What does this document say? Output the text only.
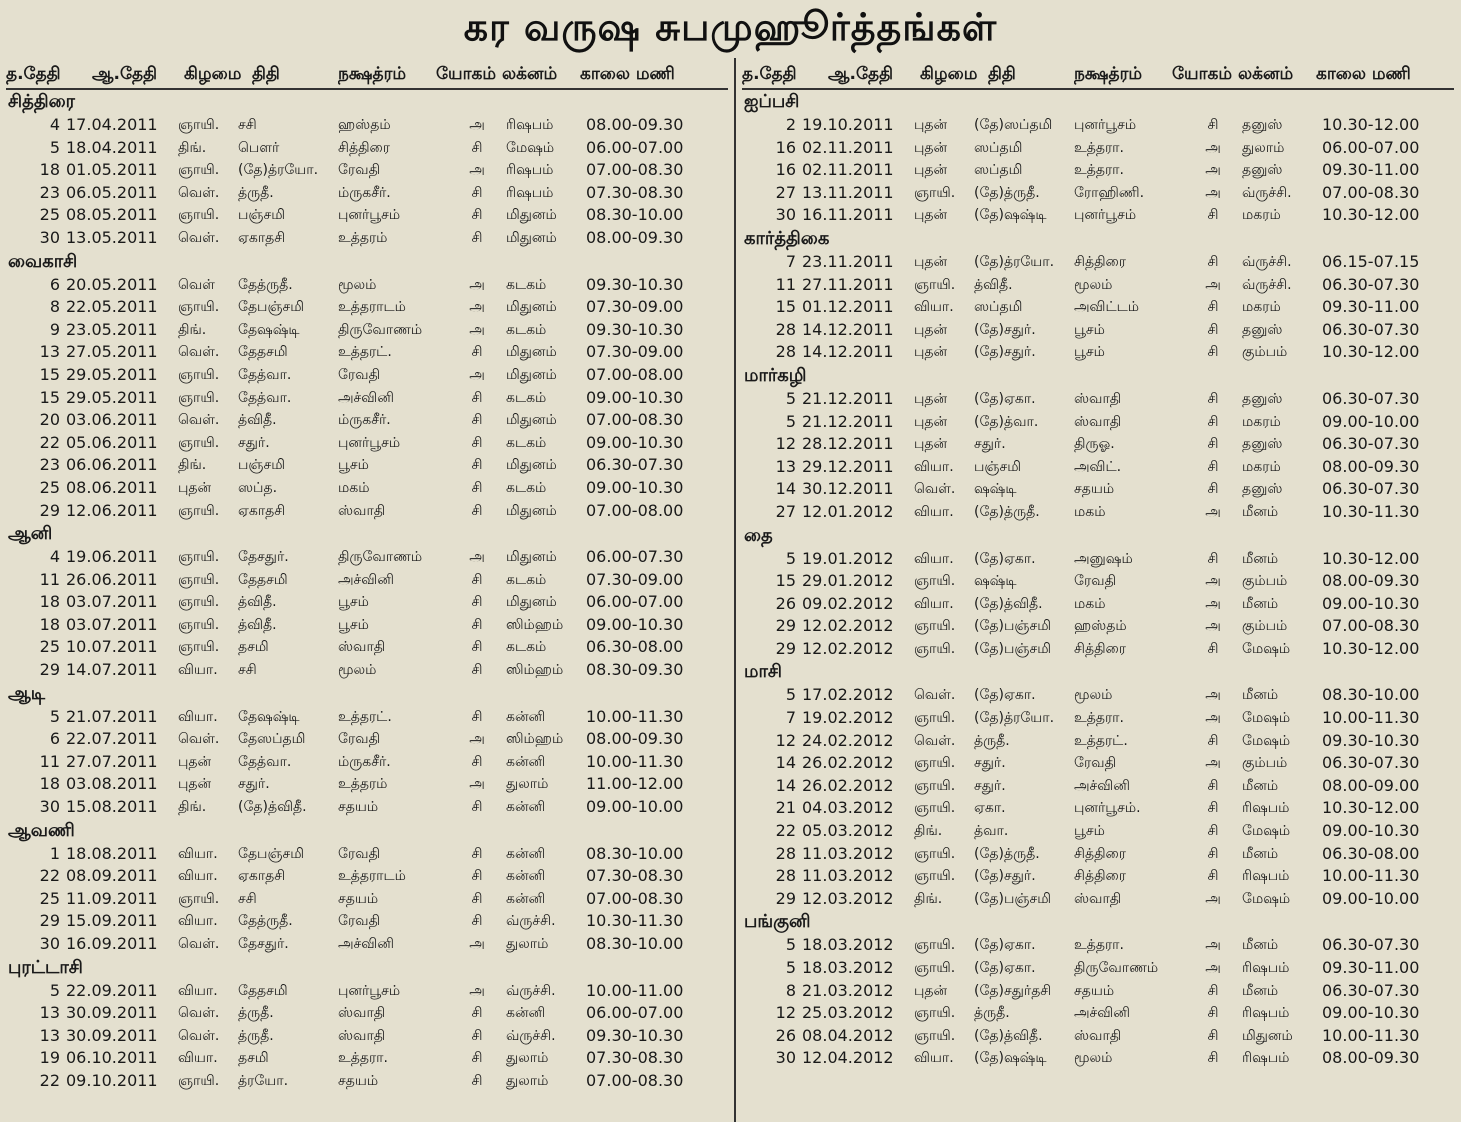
கர வருஷ சுபமுஹூர்த்தங்கள்
த.தேதி	ஆ.தேதி	கிழமை திதி	நக்ஷத்ரம்	யோகம் லக்னம்	காலை மணி
சித்திரை
4 17.04.2011	ஞாயி.	சசி	ஹஸ்தம்	அ	ரிஷபம்	08.00-09.30
5 18.04.2011	திங்.	பௌர்	சித்திரை	சி	மேஷம்	06.00-07.00
18 01.05.2011	ஞாயி.	(தே)த்ரயோ.	ரேவதி	அ	ரிஷபம்	07.00-08.30
23 06.05.2011	வெள்.	த்ருதீ.	ம்ருகசீர்.	சி	ரிஷபம்	07.30-08.30
25 08.05.2011	ஞாயி.	பஞ்சமி	புனர்பூசம்	சி	மிதுனம்	08.30-10.00
30 13.05.2011	வெள்.	ஏகாதசி	உத்தரம்	சி	மிதுனம்	08.00-09.30
வைகாசி
6 20.05.2011	வெள்	தேத்ருதீ.	மூலம்	அ	கடகம்	09.30-10.30
8 22.05.2011	ஞாயி.	தேபஞ்சமி	உத்தராடம்	அ	மிதுனம்	07.30-09.00
9 23.05.2011	திங்.	தேஷஷ்டி	திருவோணம்	அ	கடகம்	09.30-10.30
13 27.05.2011	வெள்.	தேதசமி	உத்தரட்.	சி	மிதுனம்	07.30-09.00
15 29.05.2011	ஞாயி.	தேத்வா.	ரேவதி	அ	மிதுனம்	07.00-08.00
15 29.05.2011	ஞாயி.	தேத்வா.	அச்வினி	சி	கடகம்	09.00-10.30
20 03.06.2011	வெள்.	த்விதீ.	ம்ருகசீர்.	சி	மிதுனம்	07.00-08.30
22 05.06.2011	ஞாயி.	சதுர்.	புனர்பூசம்	சி	கடகம்	09.00-10.30
23 06.06.2011	திங்.	பஞ்சமி	பூசம்	சி	மிதுனம்	06.30-07.30
25 08.06.2011	புதன்	ஸப்த.	மகம்	சி	கடகம்	09.00-10.30
29 12.06.2011	ஞாயி.	ஏகாதசி	ஸ்வாதி	சி	மிதுனம்	07.00-08.00
ஆனி
4 19.06.2011	ஞாயி.	தேசதுர்.	திருவோணம்	அ	மிதுனம்	06.00-07.30
11 26.06.2011	ஞாயி.	தேதசமி	அச்வினி	சி	கடகம்	07.30-09.00
18 03.07.2011	ஞாயி.	த்விதீ.	பூசம்	சி	மிதுனம்	06.00-07.00
18 03.07.2011	ஞாயி.	த்விதீ.	பூசம்	சி	ஸிம்ஹம்	09.00-10.30
25 10.07.2011	ஞாயி.	தசமி	ஸ்வாதி	சி	கடகம்	06.30-08.00
29 14.07.2011	வியா.	சசி	மூலம்	சி	ஸிம்ஹம்	08.30-09.30
ஆடி
5 21.07.2011	வியா.	தேஷஷ்டி	உத்தரட்.	சி	கன்னி	10.00-11.30
6 22.07.2011	வெள்.	தேஸப்தமி	ரேவதி	அ	ஸிம்ஹம்	08.00-09.30
11 27.07.2011	புதன்	தேத்வா.	ம்ருகசீர்.	சி	கன்னி	10.00-11.30
18 03.08.2011	புதன்	சதுர்.	உத்தரம்	அ	துலாம்	11.00-12.00
30 15.08.2011	திங்.	(தே)த்விதீ.	சதயம்	சி	கன்னி	09.00-10.00
ஆவணி
1 18.08.2011	வியா.	தேபஞ்சமி	ரேவதி	சி	கன்னி	08.30-10.00
22 08.09.2011	வியா.	ஏகாதசி	உத்தராடம்	சி	கன்னி	07.30-08.30
25 11.09.2011	ஞாயி.	சசி	சதயம்	சி	கன்னி	07.00-08.30
29 15.09.2011	வியா.	தேத்ருதீ.	ரேவதி	சி	வ்ருச்சி.	10.30-11.30
30 16.09.2011	வெள்.	தேசதுர்.	அச்வினி	அ	துலாம்	08.30-10.00
புரட்டாசி
5 22.09.2011	வியா.	தேதசமி	புனர்பூசம்	அ	வ்ருச்சி.	10.00-11.00
13 30.09.2011	வெள்.	த்ருதீ.	ஸ்வாதி	சி	கன்னி	06.00-07.00
13 30.09.2011	வெள்.	த்ருதீ.	ஸ்வாதி	சி	வ்ருச்சி.	09.30-10.30
19 06.10.2011	வியா.	தசமி	உத்தரா.	சி	துலாம்	07.30-08.30
22 09.10.2011	ஞாயி.	த்ரயோ.	சதயம்	சி	துலாம்	07.00-08.30
த.தேதி	ஆ.தேதி	கிழமை திதி	நக்ஷத்ரம்	யோகம் லக்னம்	காலை மணி
ஐப்பசி
2 19.10.2011	புதன்	(தே)ஸப்தமி	புனர்பூசம்	சி	தனுஸ்	10.30-12.00
16 02.11.2011	புதன்	ஸப்தமி	உத்தரா.	அ	துலாம்	06.00-07.00
16 02.11.2011	புதன்	ஸப்தமி	உத்தரா.	அ	தனுஸ்	09.30-11.00
27 13.11.2011	ஞாயி.	(தே)த்ருதீ.	ரோஹிணி.	அ	வ்ருச்சி.	07.00-08.30
30 16.11.2011	புதன்	(தே)ஷஷ்டி	புனர்பூசம்	சி	மகரம்	10.30-12.00
கார்த்திகை
7 23.11.2011	புதன்	(தே)த்ரயோ.	சித்திரை	சி	வ்ருச்சி.	06.15-07.15
11 27.11.2011	ஞாயி.	த்விதீ.	மூலம்	அ	வ்ருச்சி.	06.30-07.30
15 01.12.2011	வியா.	ஸப்தமி	அவிட்டம்	சி	மகரம்	09.30-11.00
28 14.12.2011	புதன்	(தே)சதுர்.	பூசம்	சி	தனுஸ்	06.30-07.30
28 14.12.2011	புதன்	(தே)சதுர்.	பூசம்	சி	கும்பம்	10.30-12.00
மார்கழி
5 21.12.2011	புதன்	(தே)ஏகா.	ஸ்வாதி	சி	தனுஸ்	06.30-07.30
5 21.12.2011	புதன்	(தே)த்வா.	ஸ்வாதி	சி	மகரம்	09.00-10.00
12 28.12.2011	புதன்	சதுர்.	திருஓ.	சி	தனுஸ்	06.30-07.30
13 29.12.2011	வியா.	பஞ்சமி	அவிட்.	சி	மகரம்	08.00-09.30
14 30.12.2011	வெள்.	ஷஷ்டி	சதயம்	சி	தனுஸ்	06.30-07.30
27 12.01.2012	வியா.	(தே)த்ருதீ.	மகம்	அ	மீனம்	10.30-11.30
தை
5 19.01.2012	வியா.	(தே)ஏகா.	அனுஷம்	சி	மீனம்	10.30-12.00
15 29.01.2012	ஞாயி.	ஷஷ்டி	ரேவதி	அ	கும்பம்	08.00-09.30
26 09.02.2012	வியா.	(தே)த்விதீ.	மகம்	அ	மீனம்	09.00-10.30
29 12.02.2012	ஞாயி.	(தே)பஞ்சமி	ஹஸ்தம்	அ	கும்பம்	07.00-08.30
29 12.02.2012	ஞாயி.	(தே)பஞ்சமி	சித்திரை	சி	மேஷம்	10.30-12.00
மாசி
5 17.02.2012	வெள்.	(தே)ஏகா.	மூலம்	அ	மீனம்	08.30-10.00
7 19.02.2012	ஞாயி.	(தே)த்ரயோ.	உத்தரா.	அ	மேஷம்	10.00-11.30
12 24.02.2012	வெள்.	த்ருதீ.	உத்தரட்.	சி	மேஷம்	09.30-10.30
14 26.02.2012	ஞாயி.	சதுர்.	ரேவதி	அ	கும்பம்	06.30-07.30
14 26.02.2012	ஞாயி.	சதுர்.	அச்வினி	சி	மீனம்	08.00-09.00
21 04.03.2012	ஞாயி.	ஏகா.	புனர்பூசம்.	சி	ரிஷபம்	10.30-12.00
22 05.03.2012	திங்.	த்வா.	பூசம்	சி	மேஷம்	09.00-10.30
28 11.03.2012	ஞாயி.	(தே)த்ருதீ.	சித்திரை	சி	மீனம்	06.30-08.00
28 11.03.2012	ஞாயி.	(தே)சதுர்.	சித்திரை	சி	ரிஷபம்	10.00-11.30
29 12.03.2012	திங்.	(தே)பஞ்சமி	ஸ்வாதி	அ	மேஷம்	09.00-10.00
பங்குனி
5 18.03.2012	ஞாயி.	(தே)ஏகா.	உத்தரா.	அ	மீனம்	06.30-07.30
5 18.03.2012	ஞாயி.	(தே)ஏகா.	திருவோணம்	அ	ரிஷபம்	09.30-11.00
8 21.03.2012	புதன்	(தே)சதுர்தசி	சதயம்	சி	மீனம்	06.30-07.30
12 25.03.2012	ஞாயி.	த்ருதீ.	அச்வினி	சி	ரிஷபம்	09.00-10.30
26 08.04.2012	ஞாயி.	(தே)த்விதீ.	ஸ்வாதி	சி	மிதுனம்	10.00-11.30
30 12.04.2012	வியா.	(தே)ஷஷ்டி	மூலம்	சி	ரிஷபம்	08.00-09.30
